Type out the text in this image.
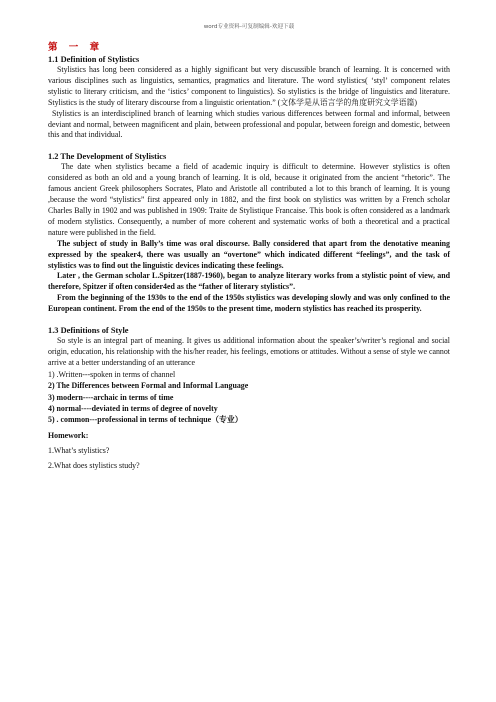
word专业资料-可复制编辑-欢迎下载
第 一 章

1.1 Definition of Stylistics

Stylistics has long been considered as a highly significant but very discussible branch of learning. It is concerned with various disciplines such as linguistics, semantics, pragmatics and literature. The word stylistics( ‘styl’ component relates stylistic to literary criticism, and the ‘istics’ component to linguistics). So stylistics is the bridge of linguistics and literature. Stylistics is the study of literary discourse from a linguistic orientation.” (文体学是从语言学的角度研究文学语篇)

Stylistics is an interdisciplined branch of learning which studies various differences between formal and informal, between deviant and normal, between magnificent and plain, between professional and popular, between foreign and domestic, between this and that individual.

1.2 The Development of Stylistics

The date when stylistics became a field of academic inquiry is difficult to determine. However stylistics is often considered as both an old and a young branch of learning. It is old, because it originated from the ancient “rhetoric”. The famous ancient Greek philosophers Socrates, Plato and Aristotle all contributed a lot to this branch of learning. It is young ,because the word “stylistics” first appeared only in 1882, and the first book on stylistics was written by a French scholar Charles Bally in 1902 and was published in 1909: Traite de Stylistique Francaise. This book is often considered as a landmark of modern stylistics. Consequently, a number of more coherent and systematic works of both a theoretical and a practical nature were published in the field.

The subject of study in Bally’s time was oral discourse. Bally considered that apart from the denotative meaning expressed by the speaker4, there was usually an “overtone” which indicated different “feelings”, and the task of stylistics was to find out the linguistic devices indicating these feelings.

Later , the German scholar L.Spitzer(1887-1960), began to analyze literary works from a stylistic point of view, and therefore, Spitzer if often consider4ed as the “father of literary stylistics”.

From the beginning of the 1930s to the end of the 1950s stylistics was developing slowly and was only confined to the European continent. From the end of the 1950s to the present time, modern stylistics has reached its prosperity.

1.3 Definitions of Style

So style is an integral part of meaning. It gives us additional information about the speaker’s/writer’s regional and social origin, education, his relationship with the his/her reader, his feelings, emotions or attitudes. Without a sense of style we cannot arrive at a better understanding of an utterance

1) .Written---spoken in terms of channel

2) The Differences between Formal and Informal Language

3) modern----archaic in terms of time

4) normal----deviated in terms of degree of novelty

5) . common---professional in terms of technique（专业）

Homework:

1.What’s stylistics?

2.What does stylistics study?
